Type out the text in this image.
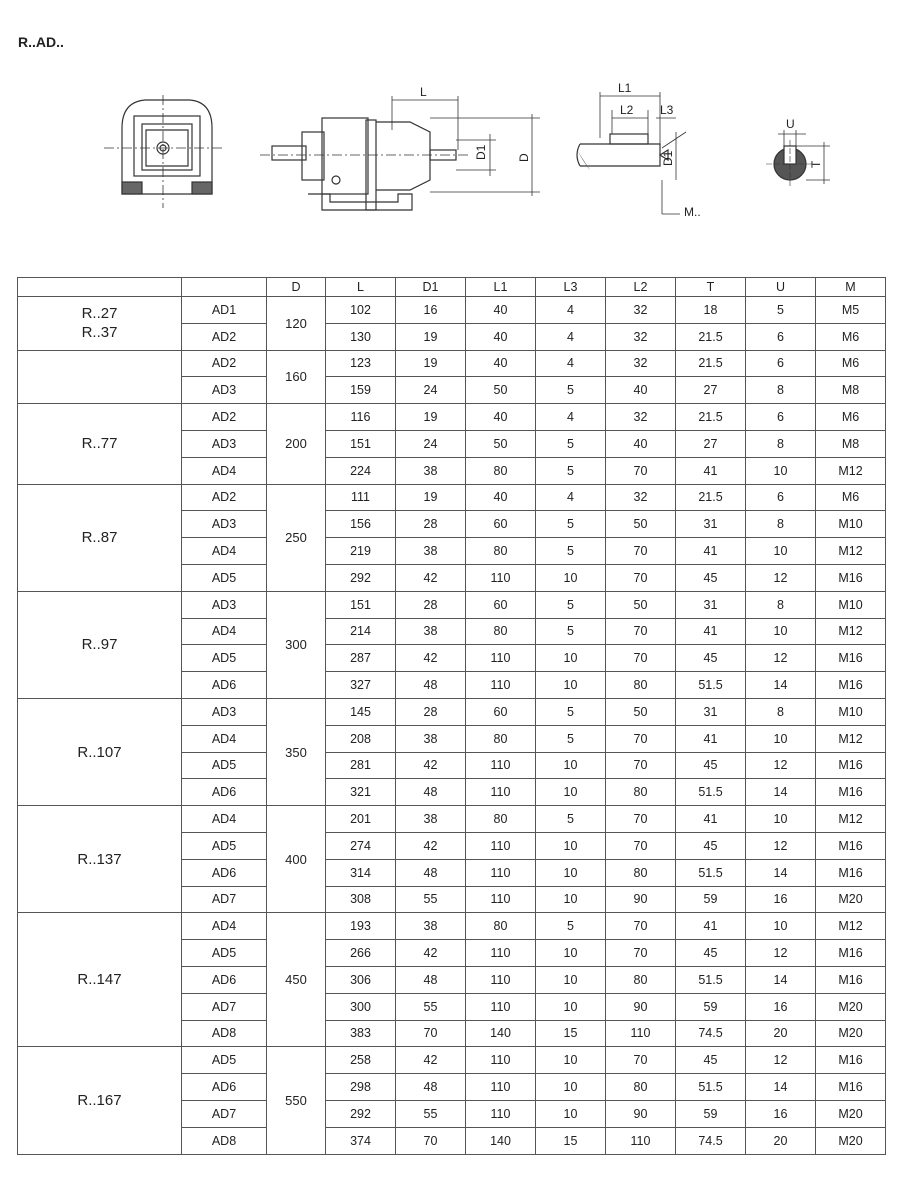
R..AD..
L
D1 D
L1
L2 L3
D1
M..
U
T
		D	L	D1	L1	L3	L2	T	U	M
R..27
R..37	AD1	120	102	16	40	4	32	18	5	M5
	AD2		130	19	40	4	32	21.5	6	M6
	AD2	160	123	19	40	4	32	21.5	6	M6
	AD3		159	24	50	5	40	27	8	M8
R..77	AD2	200	116	19	40	4	32	21.5	6	M6
	AD3		151	24	50	5	40	27	8	M8
	AD4		224	38	80	5	70	41	10	M12
R..87	AD2	250	111	19	40	4	32	21.5	6	M6
	AD3		156	28	60	5	50	31	8	M10
	AD4		219	38	80	5	70	41	10	M12
	AD5		292	42	110	10	70	45	12	M16
R..97	AD3	300	151	28	60	5	50	31	8	M10
	AD4		214	38	80	5	70	41	10	M12
	AD5		287	42	110	10	70	45	12	M16
	AD6		327	48	110	10	80	51.5	14	M16
R..107	AD3	350	145	28	60	5	50	31	8	M10
	AD4		208	38	80	5	70	41	10	M12
	AD5		281	42	110	10	70	45	12	M16
	AD6		321	48	110	10	80	51.5	14	M16
R..137	AD4	400	201	38	80	5	70	41	10	M12
	AD5		274	42	110	10	70	45	12	M16
	AD6		314	48	110	10	80	51.5	14	M16
	AD7		308	55	110	10	90	59	16	M20
R..147	AD4	450	193	38	80	5	70	41	10	M12
	AD5		266	42	110	10	70	45	12	M16
	AD6		306	48	110	10	80	51.5	14	M16
	AD7		300	55	110	10	90	59	16	M20
	AD8		383	70	140	15	110	74.5	20	M20
R..167	AD5	550	258	42	110	10	70	45	12	M16
	AD6		298	48	110	10	80	51.5	14	M16
	AD7		292	55	110	10	90	59	16	M20
	AD8		374	70	140	15	110	74.5	20	M20
